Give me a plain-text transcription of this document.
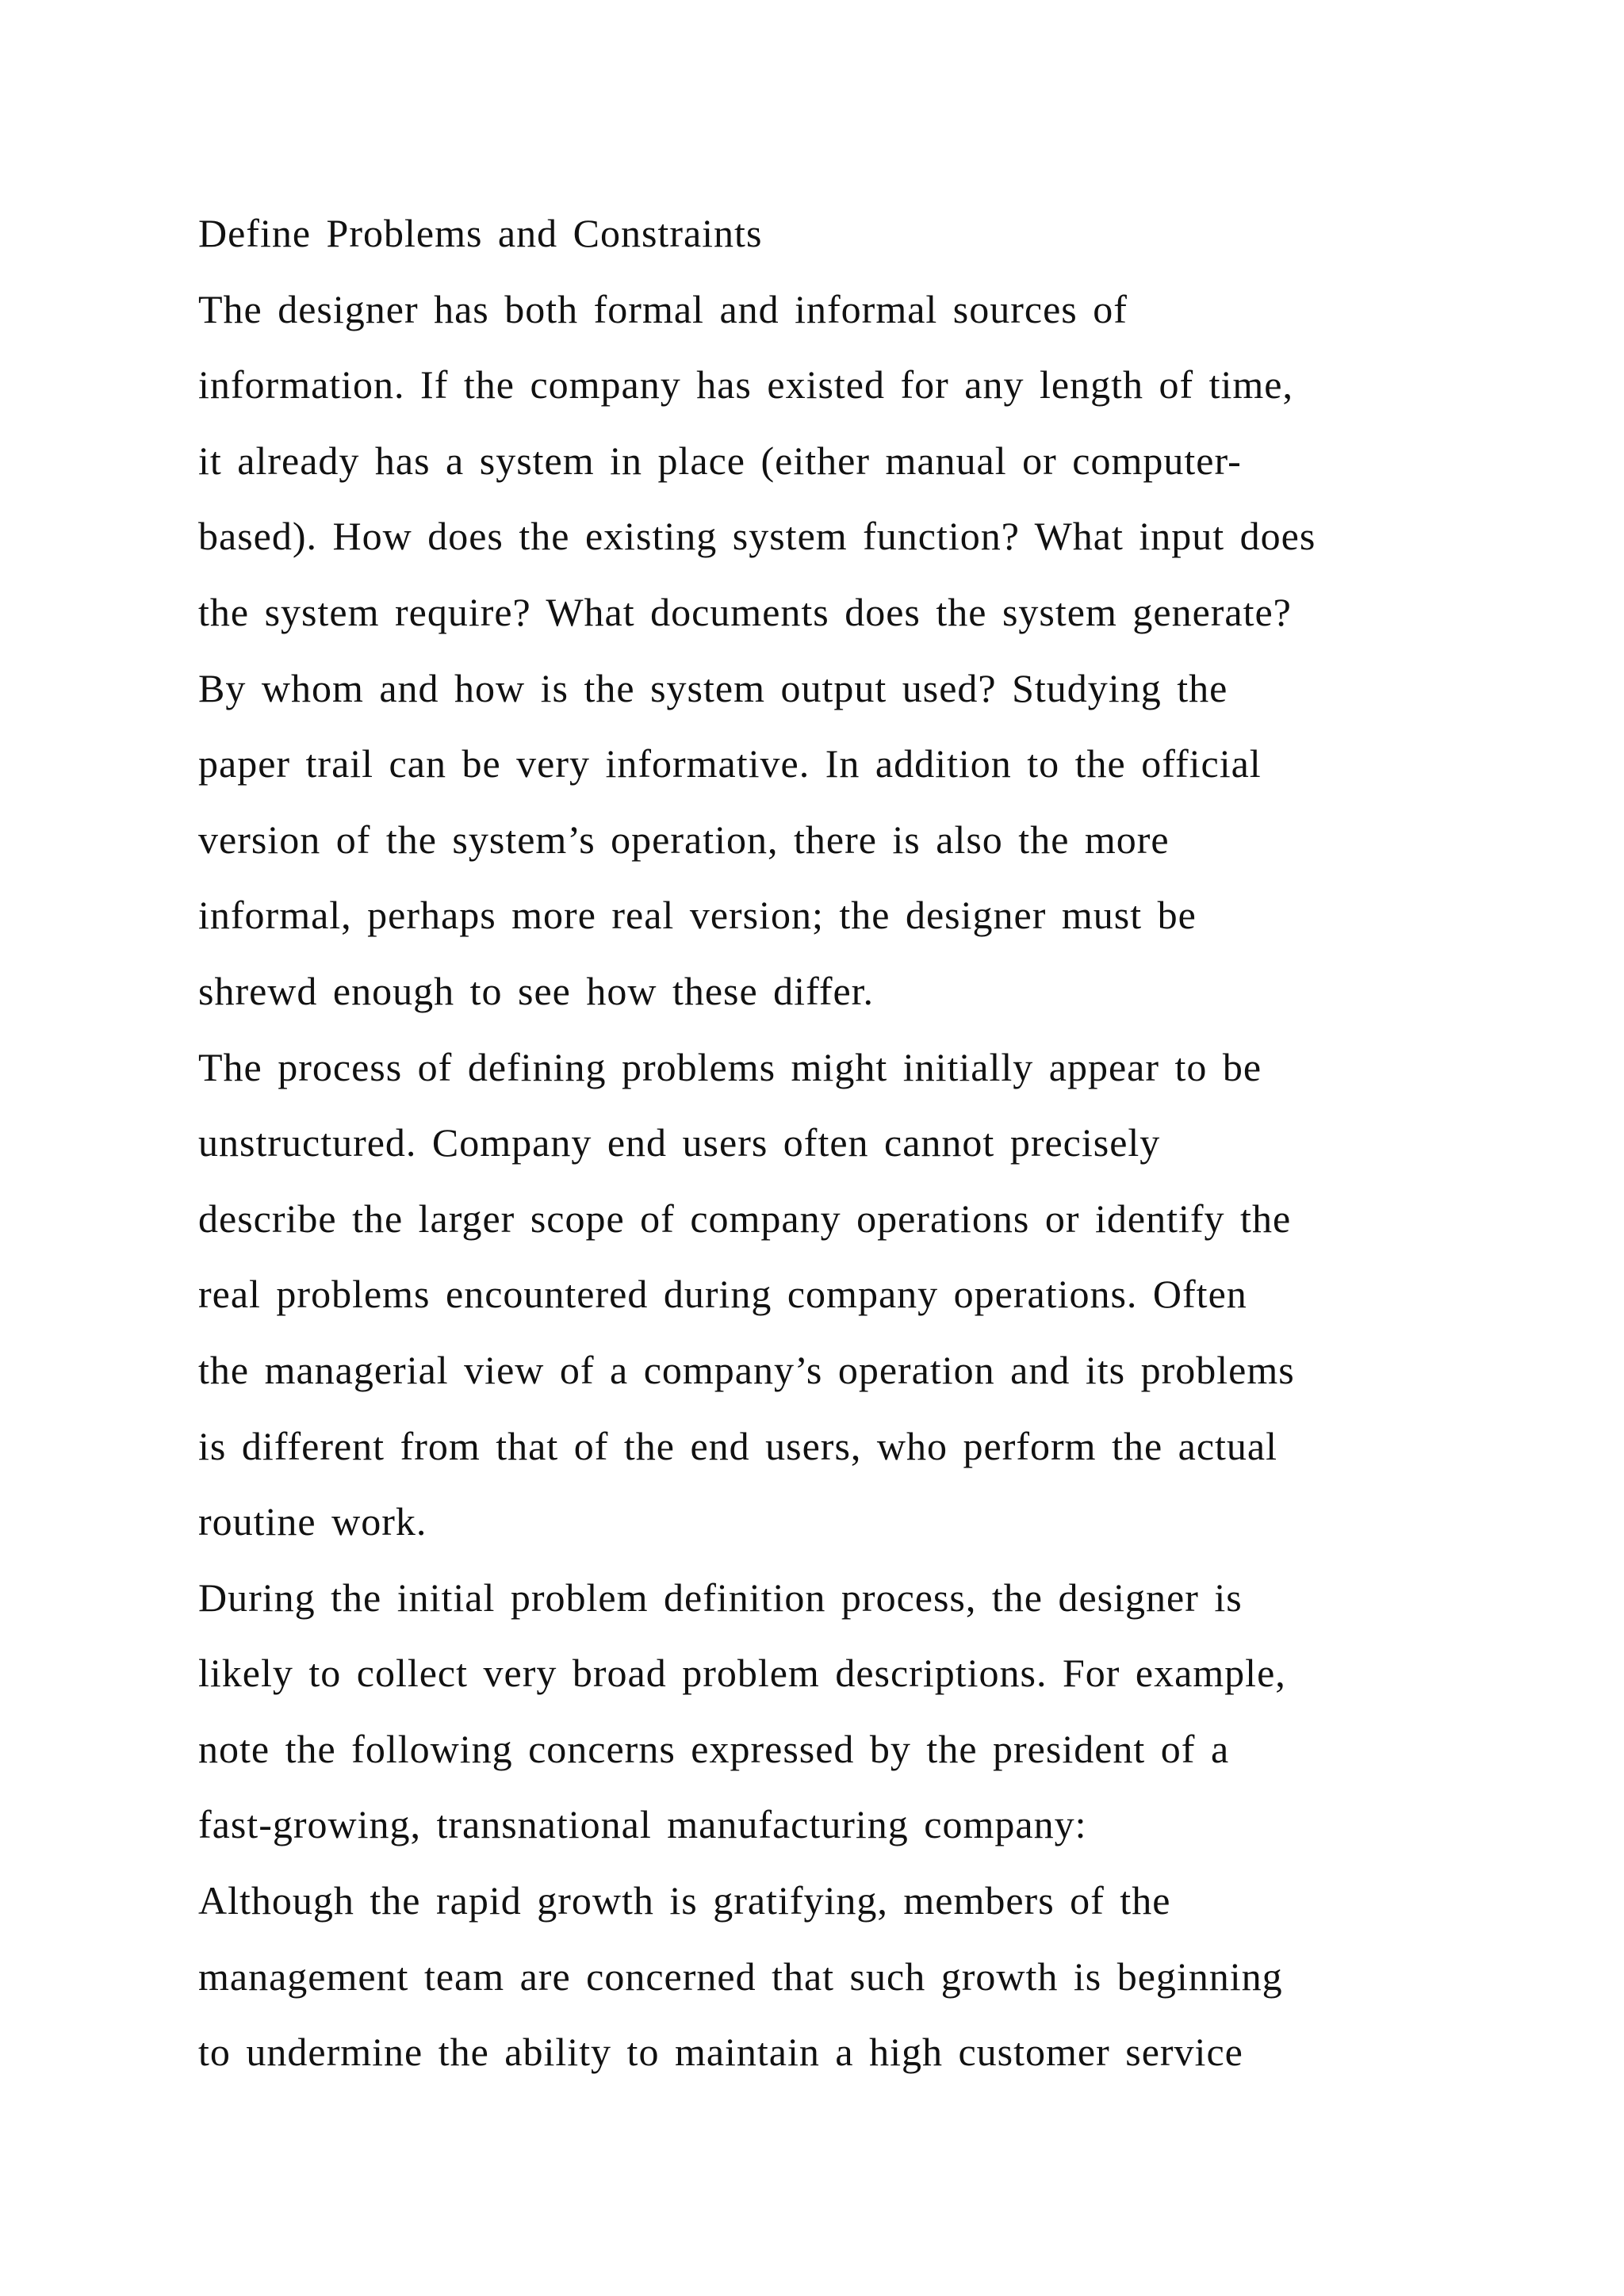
Define Problems and Constraints
The designer has both formal and informal sources of
information. If the company has existed for any length of time,
it already has a system in place (either manual or computer-
based). How does the existing system function? What input does
the system require? What documents does the system generate?
By whom and how is the system output used? Studying the
paper trail can be very informative. In addition to the official
version of the system’s operation, there is also the more
informal, perhaps more real version; the designer must be
shrewd enough to see how these differ.
The process of defining problems might initially appear to be
unstructured. Company end users often cannot precisely
describe the larger scope of company operations or identify the
real problems encountered during company operations. Often
the managerial view of a company’s operation and its problems
is different from that of the end users, who perform the actual
routine work.
During the initial problem definition process, the designer is
likely to collect very broad problem descriptions. For example,
note the following concerns expressed by the president of a
fast-growing, transnational manufacturing company:
Although the rapid growth is gratifying, members of the
management team are concerned that such growth is beginning
to undermine the ability to maintain a high customer service
